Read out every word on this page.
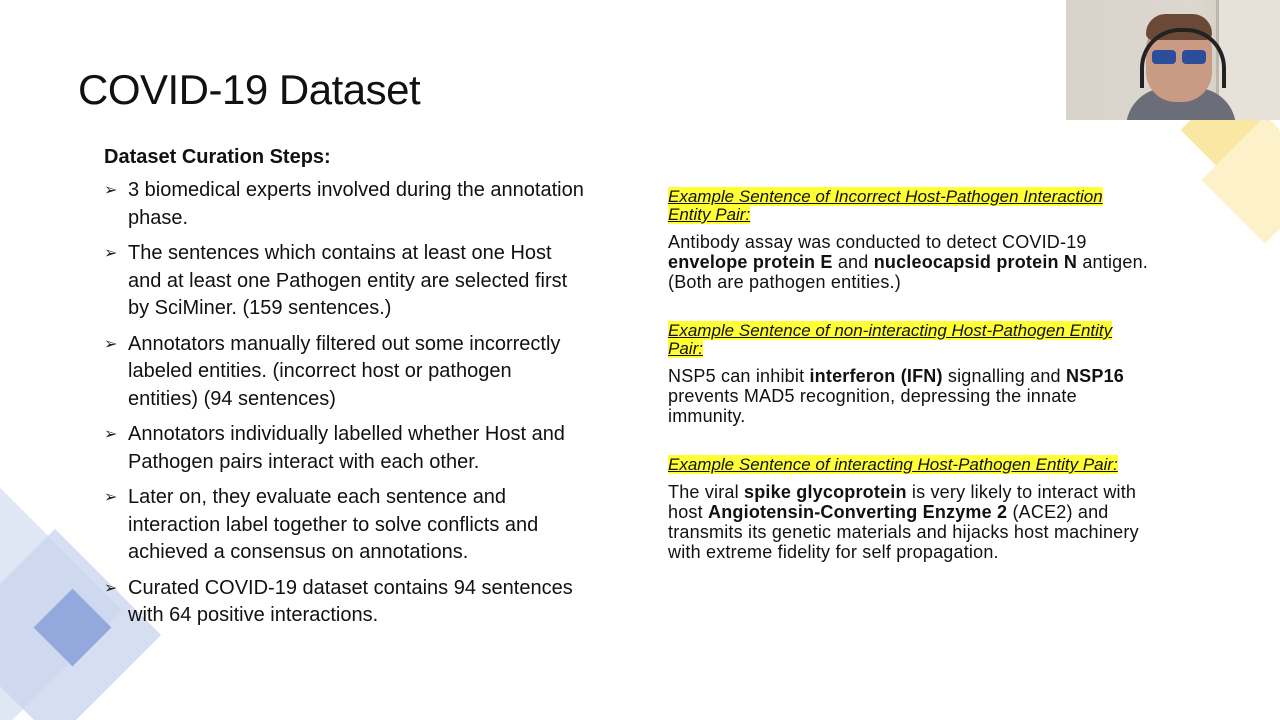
COVID-19 Dataset
Dataset Curation Steps:
➢ 3 biomedical experts involved during the annotation phase.
➢ The sentences which contains at least one Host and at least one Pathogen entity are selected first by SciMiner. (159 sentences.)
➢ Annotators manually filtered out some incorrectly labeled entities. (incorrect host or pathogen entities) (94 sentences)
➢ Annotators individually labelled whether Host and Pathogen pairs interact with each other.
➢ Later on, they evaluate each sentence and interaction label together to solve conflicts and achieved a consensus on annotations.
➢ Curated COVID-19 dataset contains 94 sentences with 64 positive interactions.
Example Sentence of Incorrect Host-Pathogen Interaction Entity Pair:
Antibody assay was conducted to detect COVID-19 envelope protein E and nucleocapsid protein N antigen. (Both are pathogen entities.)
Example Sentence of non-interacting Host-Pathogen Entity Pair:
NSP5 can inhibit interferon (IFN) signalling and NSP16 prevents MAD5 recognition, depressing the innate immunity.
Example Sentence of interacting Host-Pathogen Entity Pair:
The viral spike glycoprotein is very likely to interact with host Angiotensin-Converting Enzyme 2 (ACE2) and transmits its genetic materials and hijacks host machinery with extreme fidelity for self propagation.
